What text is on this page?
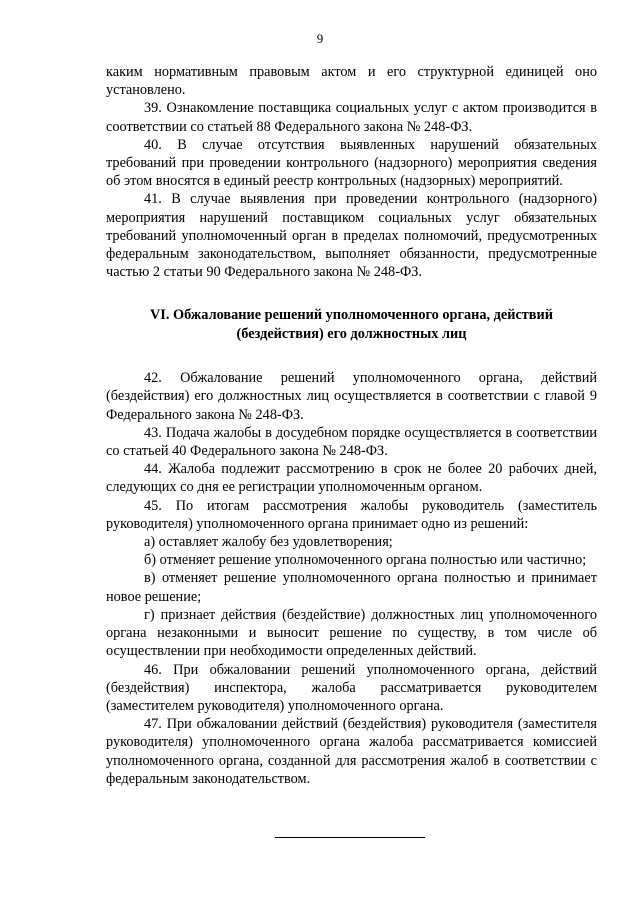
9

каким нормативным правовым актом и его структурной единицей оно установлено.

39. Ознакомление поставщика социальных услуг с актом производится в соответствии со статьей 88 Федерального закона № 248-ФЗ.

40. В случае отсутствия выявленных нарушений обязательных требований при проведении контрольного (надзорного) мероприятия сведения об этом вносятся в единый реестр контрольных (надзорных) мероприятий.

41. В случае выявления при проведении контрольного (надзорного) мероприятия нарушений поставщиком социальных услуг обязательных требований уполномоченный орган в пределах полномочий, предусмотренных федеральным законодательством, выполняет обязанности, предусмотренные частью 2 статьи 90 Федерального закона № 248-ФЗ.

VI. Обжалование решений уполномоченного органа, действий
(бездействия) его должностных лиц

42. Обжалование решений уполномоченного органа, действий (бездействия) его должностных лиц осуществляется в соответствии с главой 9 Федерального закона № 248-ФЗ.

43. Подача жалобы в досудебном порядке осуществляется в соответствии со статьей 40 Федерального закона № 248-ФЗ.

44. Жалоба подлежит рассмотрению в срок не более 20 рабочих дней, следующих со дня ее регистрации уполномоченным органом.

45. По итогам рассмотрения жалобы руководитель (заместитель руководителя) уполномоченного органа принимает одно из решений:

а) оставляет жалобу без удовлетворения;

б) отменяет решение уполномоченного органа полностью или частично;

в) отменяет решение уполномоченного органа полностью и принимает новое решение;

г) признает действия (бездействие) должностных лиц уполномоченного органа незаконными и выносит решение по существу, в том числе об осуществлении при необходимости определенных действий.

46. При обжаловании решений уполномоченного органа, действий (бездействия) инспектора, жалоба рассматривается руководителем (заместителем руководителя) уполномоченного органа.

47. При обжаловании действий (бездействия) руководителя (заместителя руководителя) уполномоченного органа жалоба рассматривается комиссией уполномоченного органа, созданной для рассмотрения жалоб в соответствии с федеральным законодательством.
